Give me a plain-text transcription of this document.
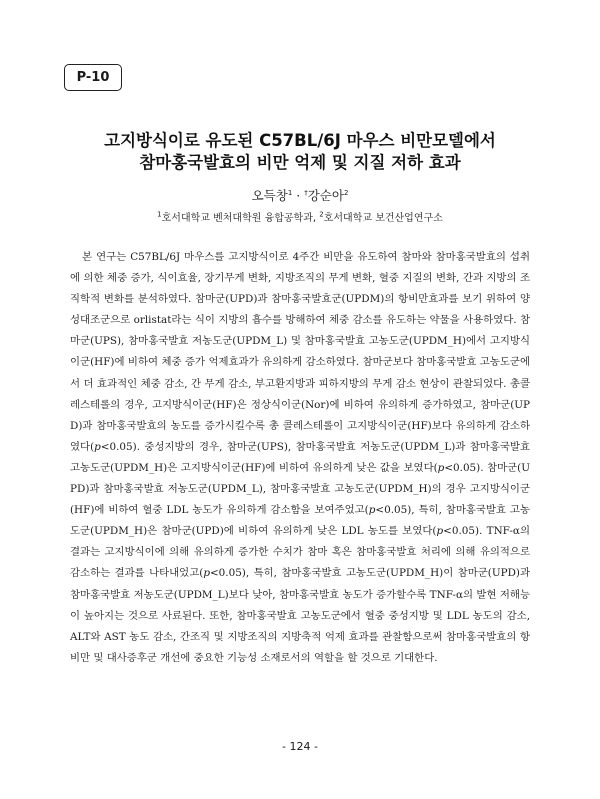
P-10
고지방식이로 유도된 C57BL/6J 마우스 비만모델에서
참마홍국발효의 비만 억제 및 지질 저하 효과
오득창$^1$ · †강순아$^2$
$^1$호서대학교 벤처대학원 융합공학과, $^2$호서대학교 보건산업연구소

본 연구는 C57BL/6J 마우스를 고지방식이로 4주간 비만을 유도하여 참마와 참마홍국발효의 섭취에 의한 체중 증가, 식이효율, 장기무게 변화, 지방조직의 무게 변화, 혈중 지질의 변화, 간과 지방의 조직학적 변화를 분석하였다. 참마군(UPD)과 참마홍국발효군(UPDM)의 항비만효과를 보기 위하여 양성대조군으로 orlistat라는 식이 지방의 흡수를 방해하여 체중 감소를 유도하는 약물을 사용하였다. 참마군(UPS), 참마홍국발효 저농도군(UPDM_L) 및 참마홍국발효 고농도군(UPDM_H)에서 고지방식이군(HF)에 비하여 체중 증가 억제효과가 유의하게 감소하였다. 참마군보다 참마홍국발효 고농도군에서 더 효과적인 체중 감소, 간 무게 감소, 부고환지방과 피하지방의 무게 감소 현상이 관찰되었다. 총콜레스테롤의 경우, 고지방식이군(HF)은 정상식이군(Nor)에 비하여 유의하게 증가하였고, 참마군(UPD)과 참마홍국발효의 농도를 증가시킬수록 총 콜레스테롤이 고지방식이군(HF)보다 유의하게 감소하였다(p<0.05). 중성지방의 경우, 참마군(UPS), 참마홍국발효 저농도군(UPDM_L)과 참마홍국발효 고농도군(UPDM_H)은 고지방식이군(HF)에 비하여 유의하게 낮은 값을 보였다(p<0.05). 참마군(UPD)과 참마홍국발효 저농도군(UPDM_L), 참마홍국발효 고농도군(UPDM_H)의 경우 고지방식이군(HF)에 비하여 혈중 LDL 농도가 유의하게 감소함을 보여주었고(p<0.05), 특히, 참마홍국발효 고농도군(UPDM_H)은 참마군(UPD)에 비하여 유의하게 낮은 LDL 농도를 보였다(p<0.05). TNF-α의 결과는 고지방식이에 의해 유의하게 증가한 수치가 참마 혹은 참마홍국발효 처리에 의해 유의적으로 감소하는 결과를 나타내었고(p<0.05), 특히, 참마홍국발효 고농도군(UPDM_H)이 참마군(UPD)과 참마홍국발효 저농도군(UPDM_L)보다 낮아, 참마홍국발효 농도가 증가할수록 TNF-α의 발현 저해능이 높아지는 것으로 사료된다. 또한, 참마홍국발효 고농도군에서 혈중 중성지방 및 LDL 농도의 감소, ALT와 AST 농도 감소, 간조직 및 지방조직의 지방축적 억제 효과를 관찰함으로써 참마홍국발효의 항비만 및 대사증후군 개선에 중요한 기능성 소재로서의 역할을 할 것으로 기대한다.

- 124 -
